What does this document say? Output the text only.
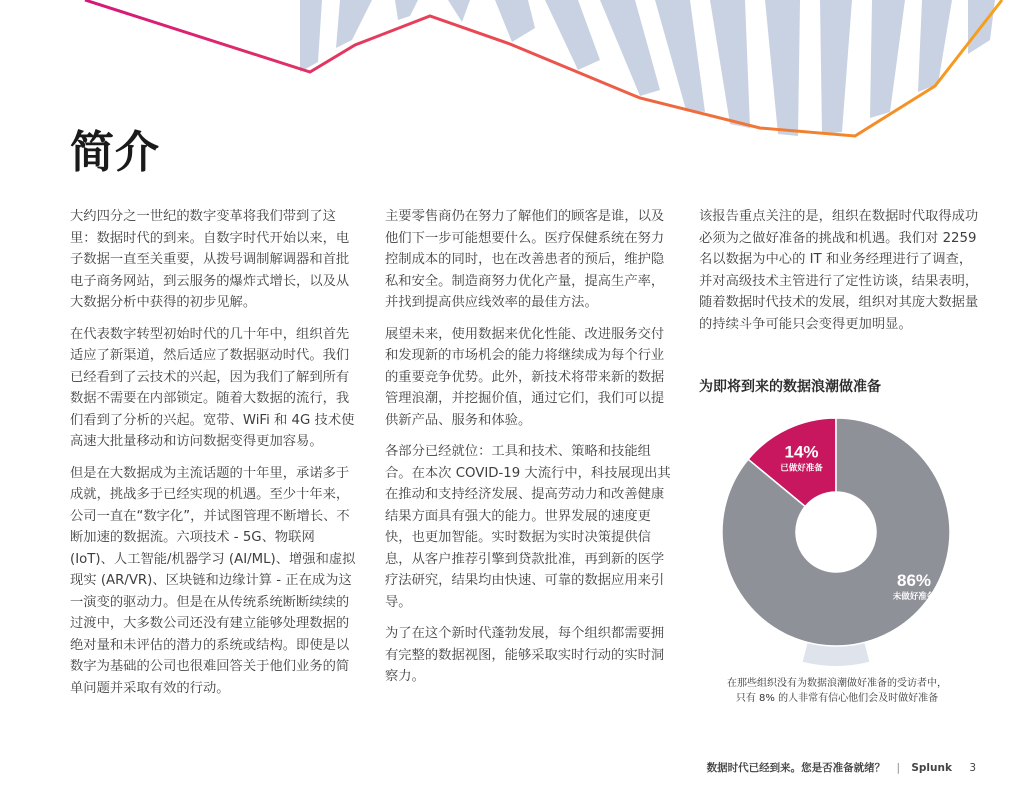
简介

大约四分之一世纪的数字变革将我们带到了这里：数据时代的到来。自数字时代开始以来，电子数据一直至关重要，从拨号调制解调器和首批电子商务网站，到云服务的爆炸式增长，以及从大数据分析中获得的初步见解。

在代表数字转型初始时代的几十年中，组织首先适应了新渠道，然后适应了数据驱动时代。我们已经看到了云技术的兴起，因为我们了解到所有数据不需要在内部锁定。随着大数据的流行，我们看到了分析的兴起。宽带、WiFi 和 4G 技术使高速大批量移动和访问数据变得更加容易。

但是在大数据成为主流话题的十年里，承诺多于成就，挑战多于已经实现的机遇。至少十年来，公司一直在“数字化”，并试图管理不断增长、不断加速的数据流。六项技术 - 5G、物联网 (IoT)、人工智能/机器学习 (AI/ML)、增强和虚拟现实 (AR/VR)、区块链和边缘计算 - 正在成为这一演变的驱动力。但是在从传统系统断断续续的过渡中，大多数公司还没有建立能够处理数据的绝对量和未评估的潜力的系统或结构。即使是以数字为基础的公司也很难回答关于他们业务的简单问题并采取有效的行动。

主要零售商仍在努力了解他们的顾客是谁，以及他们下一步可能想要什么。医疗保健系统在努力控制成本的同时，也在改善患者的预后，维护隐私和安全。制造商努力优化产量，提高生产率，并找到提高供应线效率的最佳方法。

展望未来，使用数据来优化性能、改进服务交付和发现新的市场机会的能力将继续成为每个行业的重要竞争优势。此外，新技术将带来新的数据管理浪潮，并挖掘价值，通过它们，我们可以提供新产品、服务和体验。

各部分已经就位：工具和技术、策略和技能组合。在本次 COVID-19 大流行中，科技展现出其在推动和支持经济发展、提高劳动力和改善健康结果方面具有强大的能力。世界发展的速度更快，也更加智能。实时数据为实时决策提供信息，从客户推荐引擎到贷款批准，再到新的医学疗法研究，结果均由快速、可靠的数据应用来引导。

为了在这个新时代蓬勃发展，每个组织都需要拥有完整的数据视图，能够采取实时行动的实时洞察力。

该报告重点关注的是，组织在数据时代取得成功必须为之做好准备的挑战和机遇。我们对 2259 名以数据为中心的 IT 和业务经理进行了调查，并对高级技术主管进行了定性访谈，结果表明，随着数据时代技术的发展，组织对其庞大数据量的持续斗争可能只会变得更加明显。

为即将到来的数据浪潮做准备
14%
已做好准备
86%
未做好准备
在那些组织没有为数据浪潮做好准备的受访者中，
只有 8% 的人非常有信心他们会及时做好准备
数据时代已经到来。您是否准备就绪？ | Splunk 3
